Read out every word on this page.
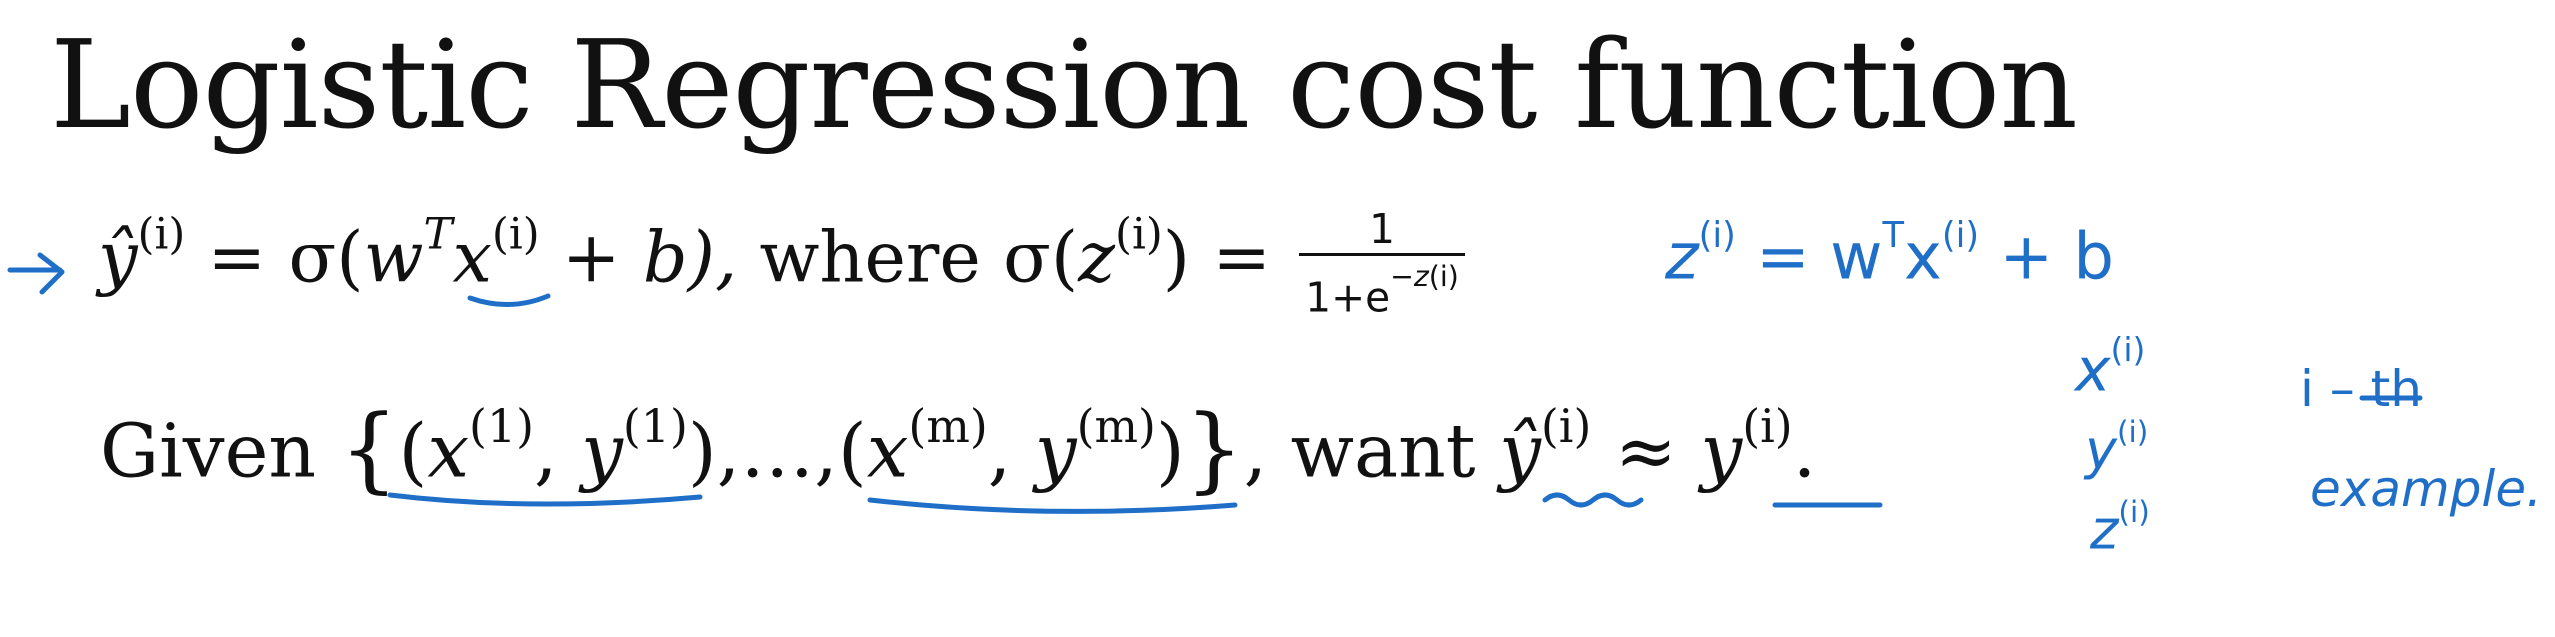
Logistic Regression cost function
$ŷ^{(i)} = \sigma(w^Tx^{(i)} + b)$, where $\sigma(z^{(i)}) = \frac{1}{1+e^{-z(i)}}$
Given {($x^{(1)}$, $y^{(1)}),\dots,(x^{(m)}$, $y^{(m)}$)}, want $ŷ^{(i)} \approx y^{(i)}$.
$z^{(i)} = w^Tx^{(i)} + b$
$x^{(i)}$
$y^{(i)}$
$z^{(i)}$
i – th
example.
